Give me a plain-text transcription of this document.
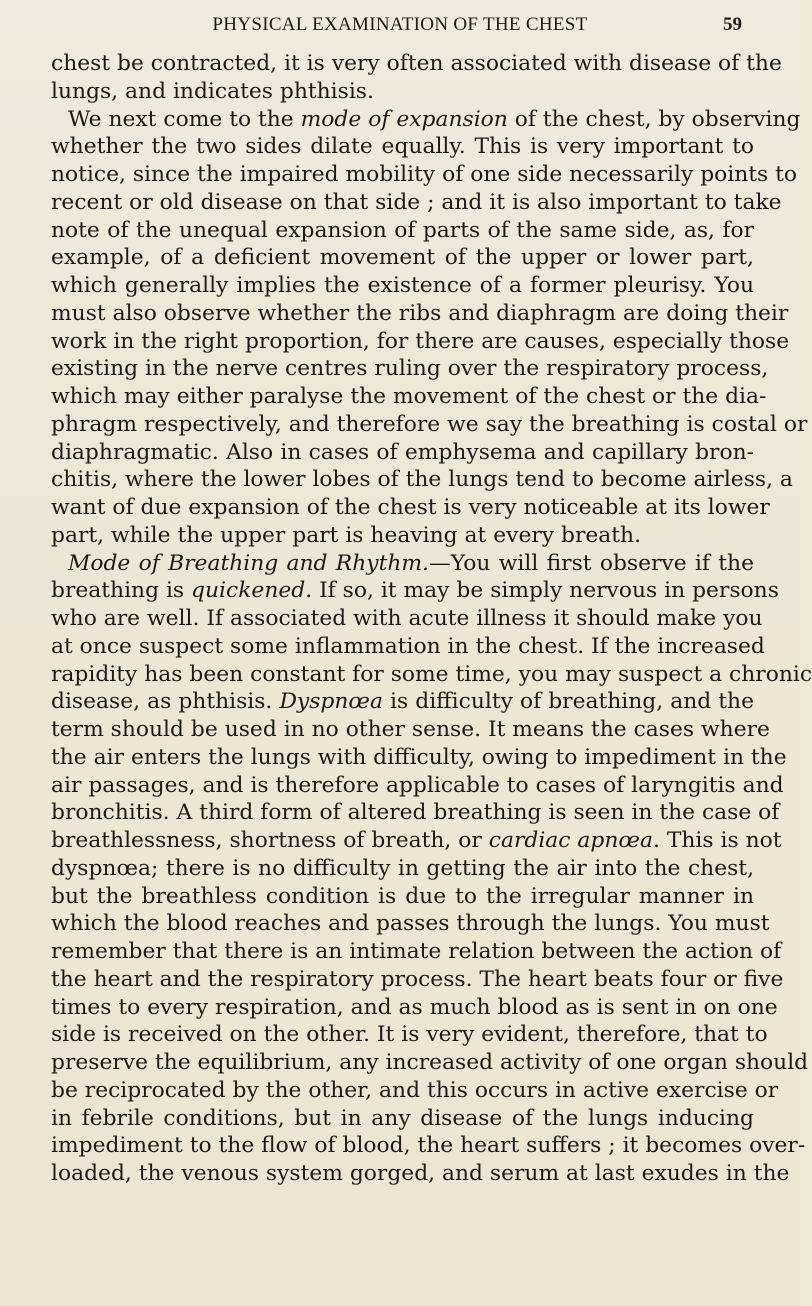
PHYSICAL EXAMINATION OF THE CHEST	59
chest be contracted, it is very often associated with disease of the
lungs, and indicates phthisis.
We next come to the mode of expansion of the chest, by observing
whether the two sides dilate equally. This is very important to
notice, since the impaired mobility of one side necessarily points to
recent or old disease on that side ; and it is also important to take
note of the unequal expansion of parts of the same side, as, for
example, of a deficient movement of the upper or lower part,
which generally implies the existence of a former pleurisy. You
must also observe whether the ribs and diaphragm are doing their
work in the right proportion, for there are causes, especially those
existing in the nerve centres ruling over the respiratory process,
which may either paralyse the movement of the chest or the dia-
phragm respectively, and therefore we say the breathing is costal or
diaphragmatic. Also in cases of emphysema and capillary bron-
chitis, where the lower lobes of the lungs tend to become airless, a
want of due expansion of the chest is very noticeable at its lower
part, while the upper part is heaving at every breath.
Mode of Breathing and Rhythm.—You will first observe if the
breathing is quickened. If so, it may be simply nervous in persons
who are well. If associated with acute illness it should make you
at once suspect some inflammation in the chest. If the increased
rapidity has been constant for some time, you may suspect a chronic
disease, as phthisis. Dyspnœa is difficulty of breathing, and the
term should be used in no other sense. It means the cases where
the air enters the lungs with difficulty, owing to impediment in the
air passages, and is therefore applicable to cases of laryngitis and
bronchitis. A third form of altered breathing is seen in the case of
breathlessness, shortness of breath, or cardiac apnœa. This is not
dyspnœa; there is no difficulty in getting the air into the chest,
but the breathless condition is due to the irregular manner in
which the blood reaches and passes through the lungs. You must
remember that there is an intimate relation between the action of
the heart and the respiratory process. The heart beats four or five
times to every respiration, and as much blood as is sent in on one
side is received on the other. It is very evident, therefore, that to
preserve the equilibrium, any increased activity of one organ should
be reciprocated by the other, and this occurs in active exercise or
in febrile conditions, but in any disease of the lungs inducing
impediment to the flow of blood, the heart suffers ; it becomes over-
loaded, the venous system gorged, and serum at last exudes in the
